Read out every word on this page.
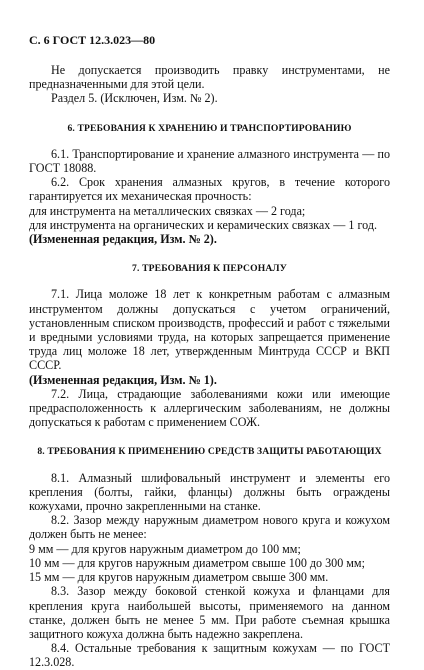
С. 6 ГОСТ 12.3.023—80

Не допускается производить правку инструментами, не предназначенными для этой цели.

Раздел 5. (Исключен, Изм. № 2).

6. ТРЕБОВАНИЯ К ХРАНЕНИЮ И ТРАНСПОРТИРОВАНИЮ

6.1. Транспортирование и хранение алмазного инструмента — по ГОСТ 18088.

6.2. Срок хранения алмазных кругов, в течение которого гарантируется их механическая прочность:

для инструмента на металлических связках — 2 года;

для инструмента на органических и керамических связках — 1 год.

(Измененная редакция, Изм. № 2).

7. ТРЕБОВАНИЯ К ПЕРСОНАЛУ

7.1. Лица моложе 18 лет к конкретным работам с алмазным инструментом должны допускаться с учетом ограничений, установленным списком производств, профессий и работ с тяжелыми и вредными условиями труда, на которых запрещается применение труда лиц моложе 18 лет, утвержденным Минтруда СССР и ВКП СССР.

(Измененная редакция, Изм. № 1).

7.2. Лица, страдающие заболеваниями кожи или имеющие предрасположенность к аллергическим заболеваниям, не должны допускаться к работам с применением СОЖ.

8. ТРЕБОВАНИЯ К ПРИМЕНЕНИЮ СРЕДСТВ ЗАЩИТЫ РАБОТАЮЩИХ

8.1. Алмазный шлифовальный инструмент и элементы его крепления (болты, гайки, фланцы) должны быть ограждены кожухами, прочно закрепленными на станке.

8.2. Зазор между наружным диаметром нового круга и кожухом должен быть не менее:

9 мм — для кругов наружным диаметром до 100 мм;

10 мм — для кругов наружным диаметром свыше 100 до 300 мм;

15 мм — для кругов наружным диаметром свыше 300 мм.

8.3. Зазор между боковой стенкой кожуха и фланцами для крепления круга наибольшей высоты, применяемого на данном станке, должен быть не менее 5 мм. При работе съемная крышка защитного кожуха должна быть надежно закреплена.

8.4. Остальные требования к защитным кожухам — по ГОСТ 12.3.028.
